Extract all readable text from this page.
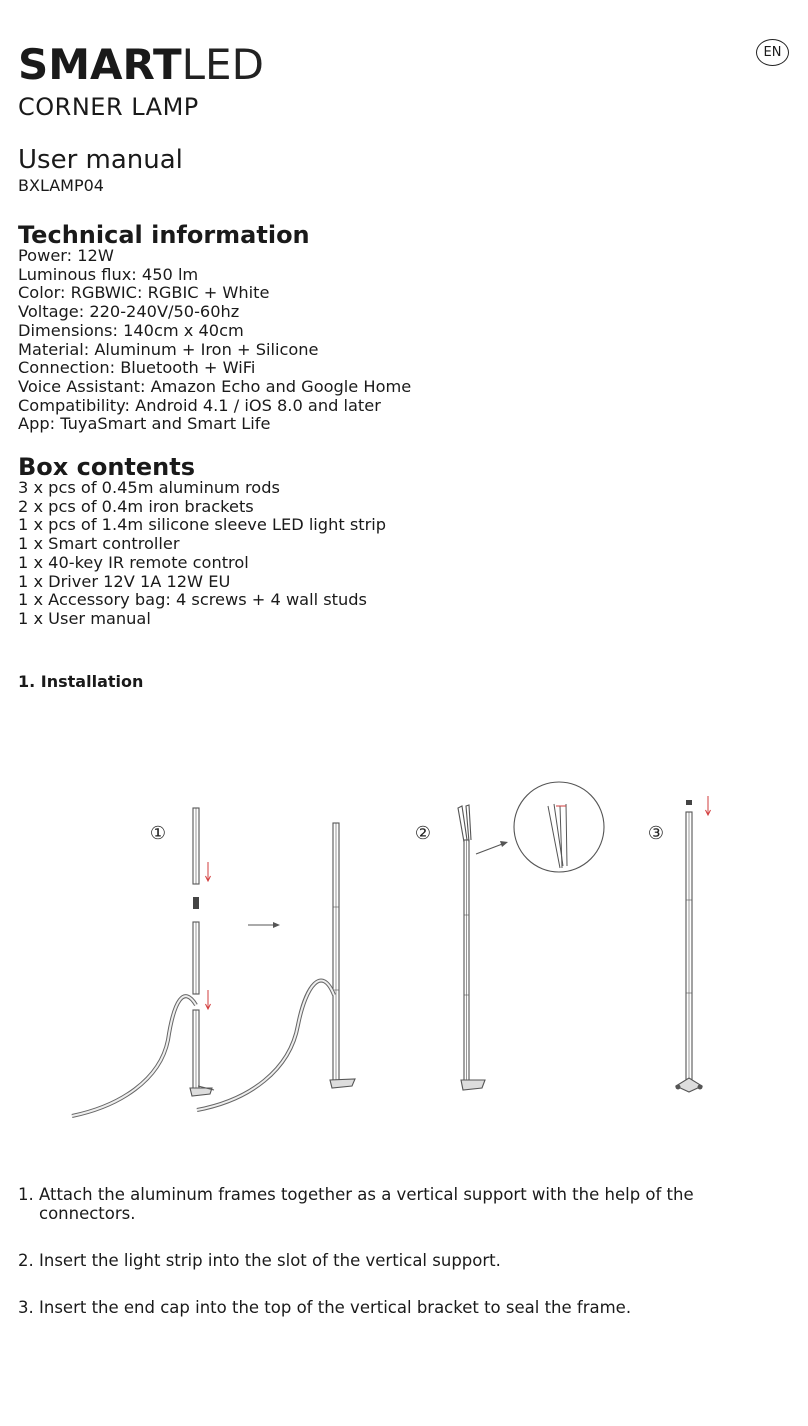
SMARTLED
CORNER LAMP
User manual
BXLAMP04
EN
Technical information
Power: 12W
Luminous flux: 450 lm
Color: RGBWIC: RGBIC + White
Voltage: 220-240V/50-60hz
Dimensions: 140cm x 40cm
Material: Aluminum + Iron + Silicone
Connection: Bluetooth + WiFi
Voice Assistant: Amazon Echo and Google Home
Compatibility: Android 4.1 / iOS 8.0 and later
App: TuyaSmart and Smart Life
Box contents
3 x pcs of 0.45m aluminum rods
2 x pcs of 0.4m iron brackets
1 x pcs of 1.4m silicone sleeve LED light strip
1 x Smart controller
1 x 40-key IR remote control
1 x Driver 12V 1A 12W EU
1 x Accessory bag: 4 screws + 4 wall studs
1 x User manual
1. Installation
①	②	③
1. Attach the aluminum frames together as a vertical support with the help of the connectors.
2. Insert the light strip into the slot of the vertical support.
3. Insert the end cap into the top of the vertical bracket to seal the frame.
